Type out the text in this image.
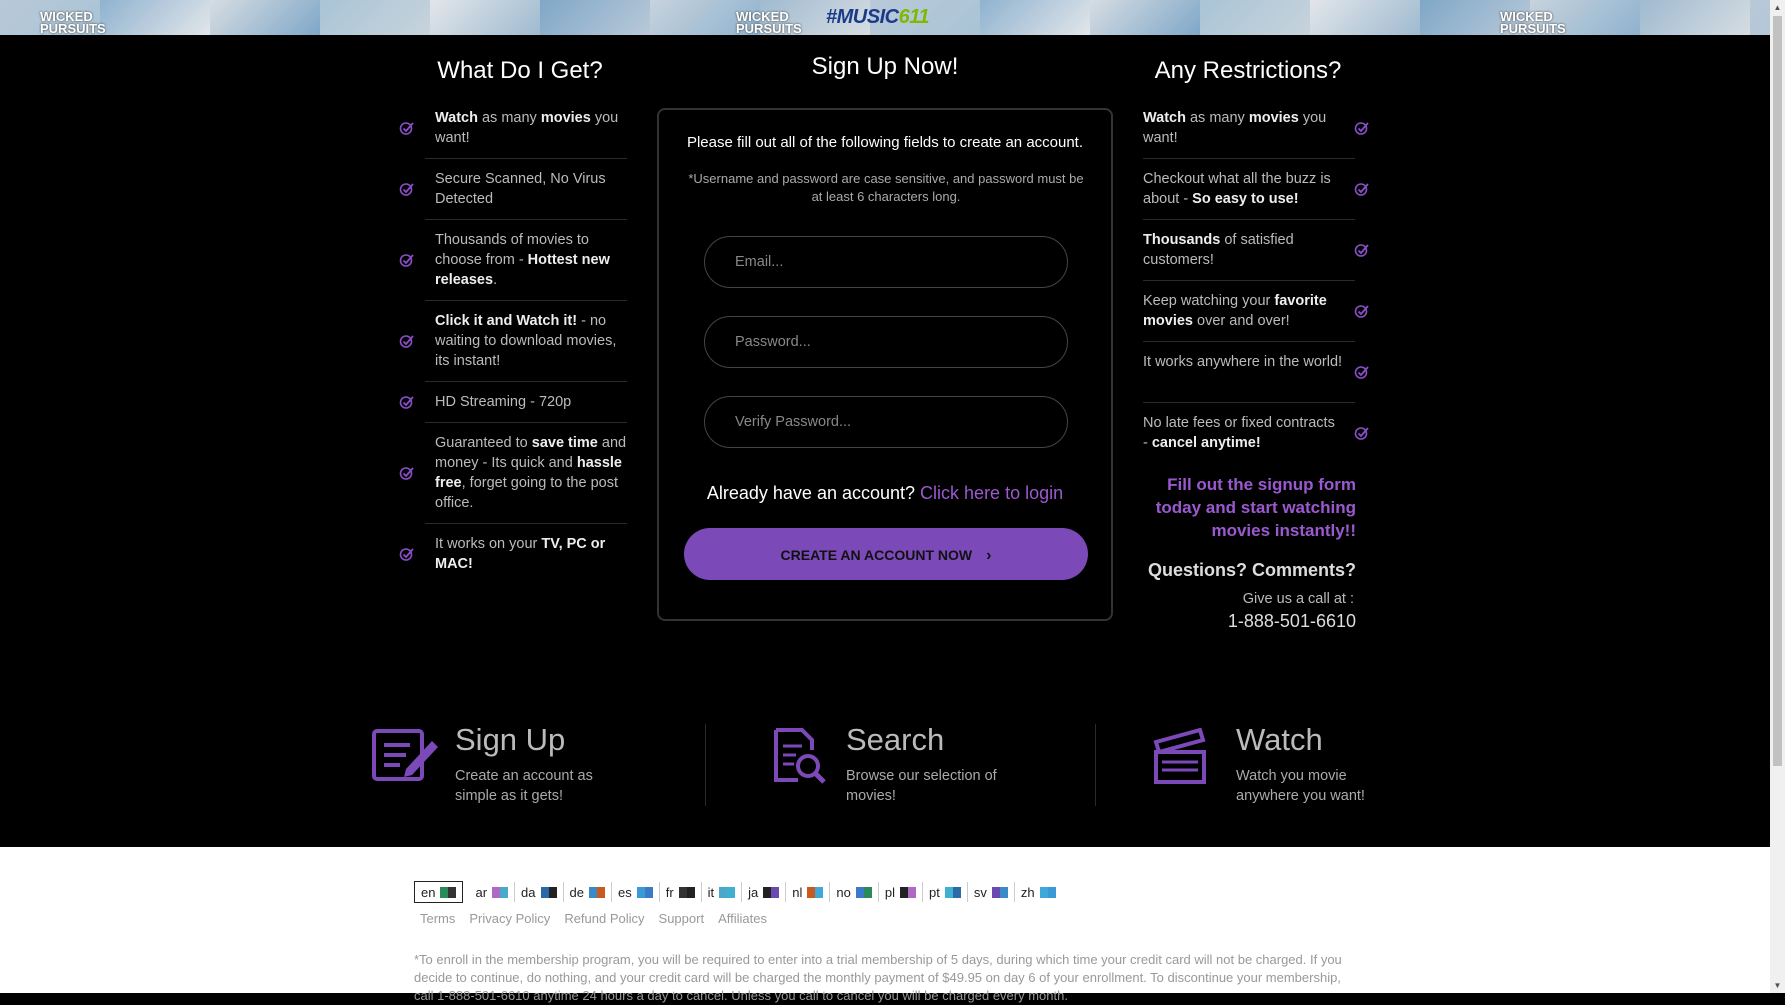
WICKED
PURSUITS
WICKED
PURSUITS
WICKED
PURSUITS
#MUSIC611
What Do I Get?
Watch as many movies you want!
Secure Scanned, No Virus Detected
Thousands of movies to choose from - Hottest new releases.
Click it and Watch it! - no waiting to download movies, its instant!
HD Streaming - 720p
Guaranteed to save time and money - Its quick and hassle free, forget going to the post office.
It works on your TV, PC or MAC!
Sign Up Now!
Please fill out all of the following fields to create an account.
*Username and password are case sensitive, and password must be at least 6 characters long.
Email...
Already have an account? Click here to login
CREATE AN ACCOUNT NOW ›
Any Restrictions?
Watch as many movies you want!
Checkout what all the buzz is about - So easy to use!
Thousands of satisfied customers!
Keep watching your favorite movies over and over!
It works anywhere in the world!
No late fees or fixed contracts - cancel anytime!
Fill out the signup form today and start watching movies instantly!!
Questions? Comments?
Give us a call at :
1-888-501-6610
Sign Up
Create an account as simple as it gets!
Search
Browse our selection of movies!
Watch
Watch you movie anywhere you want!
en	ar	da	de	es	fr	it	ja	nl	no	pl	pt	sv	zh
Terms Privacy Policy Refund Policy Support Affiliates
*To enroll in the membership program, you will be required to enter into a trial membership of 5 days, during which time your credit card will not be charged. If you decide to continue, do nothing, and your credit card will be charged the monthly payment of $49.95 on day 6 of your enrollment. To discontinue your membership, call 1-888-501-6610 anytime 24 hours a day to cancel. Unless you call to cancel you will be charged every month.
▲
▼
